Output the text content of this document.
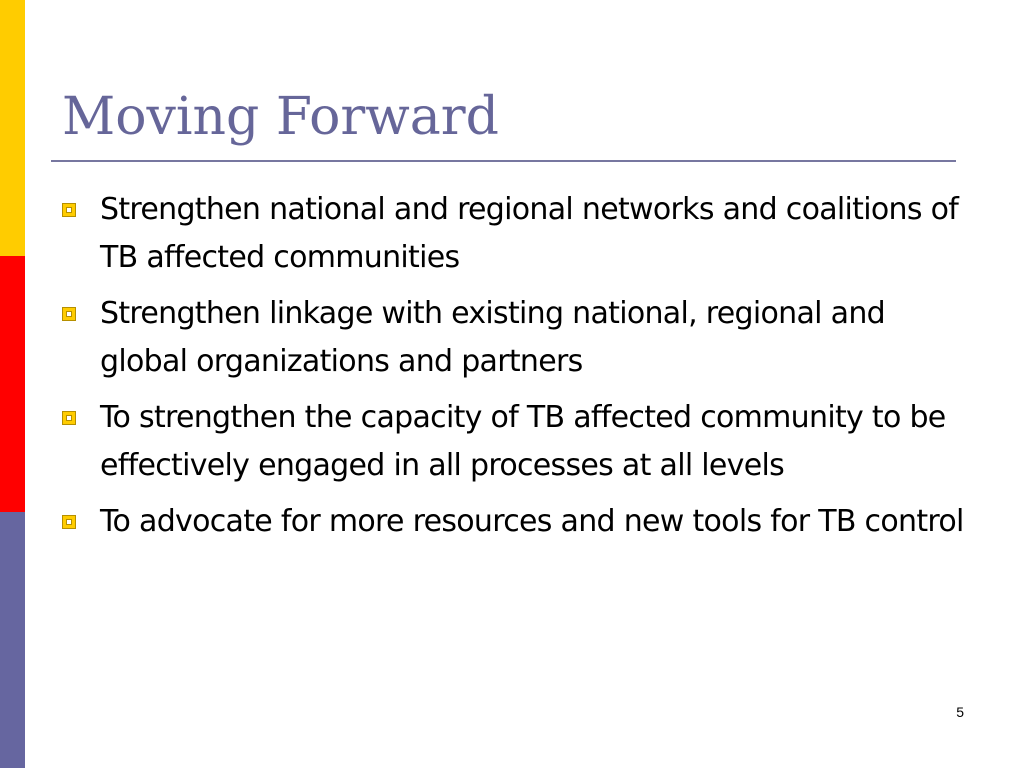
Moving Forward
Strengthen national and regional networks and coalitions of TB affected communities
Strengthen linkage with existing national, regional and global organizations and partners
To strengthen the capacity of TB affected community to be effectively engaged in all processes at all levels
To advocate for more resources and new tools for TB control
5
